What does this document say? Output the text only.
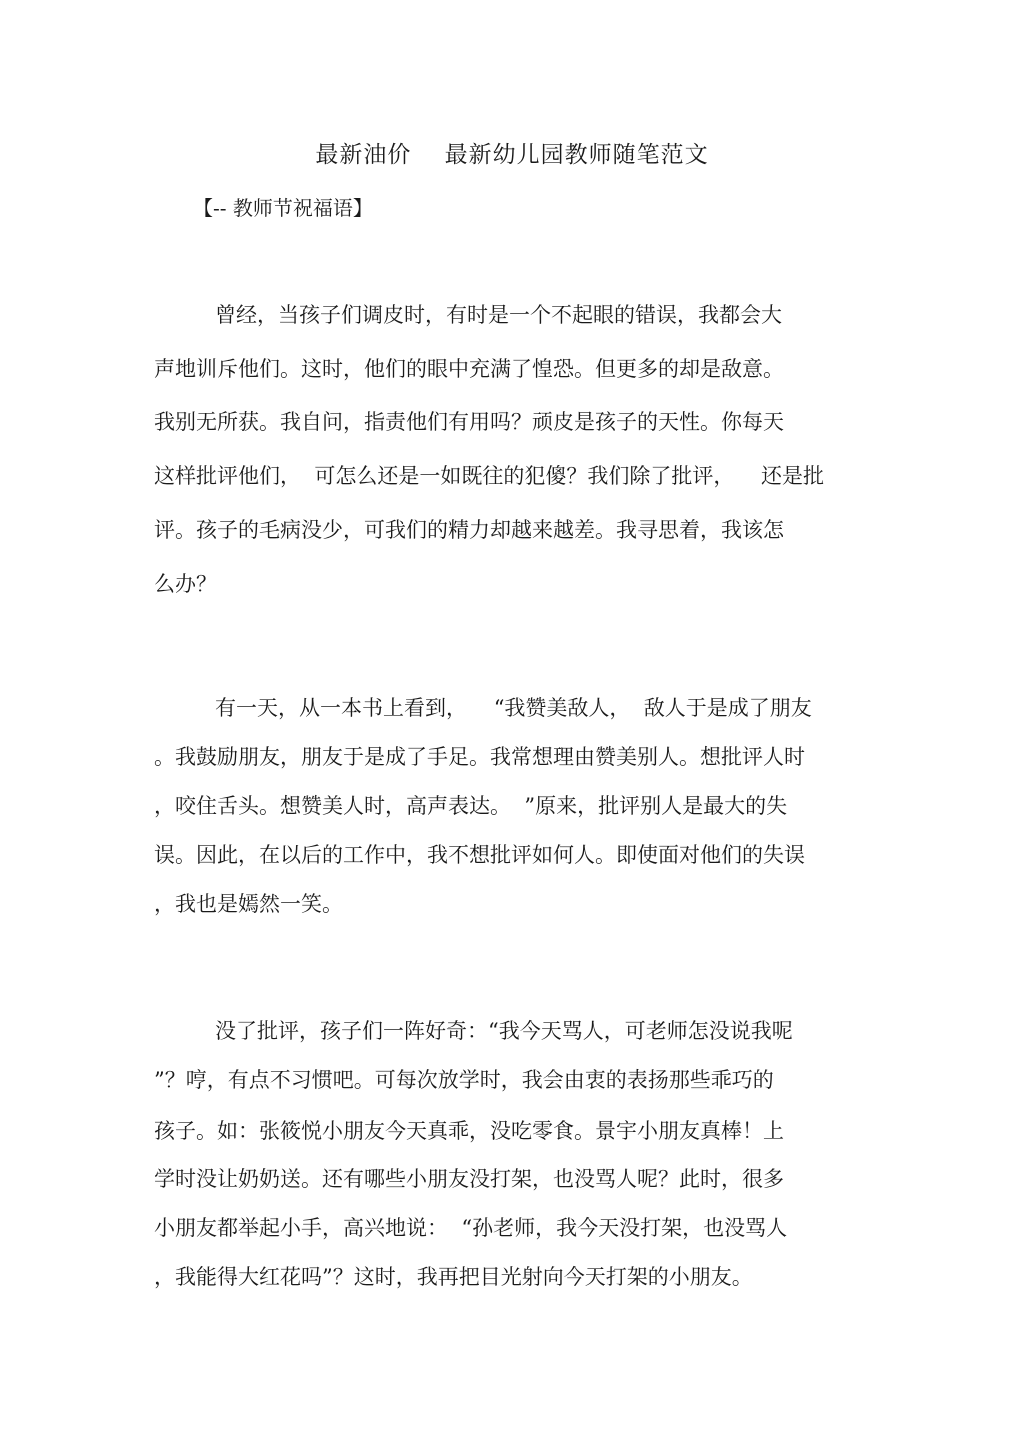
最新油价    最新幼儿园教师随笔范文
【-- 教师节祝福语】
曾经，当孩子们调皮时，有时是一个不起眼的错误，我都会大
声地训斥他们。这时，他们的眼中充满了惶恐。但更多的却是敌意。
我别无所获。我自问，指责他们有用吗？顽皮是孩子的天性。你每天
这样批评他们，  可怎么还是一如既往的犯傻？我们除了批评，    还是批
评。孩子的毛病没少，可我们的精力却越来越差。我寻思着，我该怎
么办？
有一天，从一本书上看到，    “我赞美敌人，  敌人于是成了朋友
。我鼓励朋友，朋友于是成了手足。我常想理由赞美别人。想批评人时
，咬住舌头。想赞美人时，高声表达。  ”原来，批评别人是最大的失
误。因此，在以后的工作中，我不想批评如何人。即使面对他们的失误
，我也是嫣然一笑。
没了批评，孩子们一阵好奇：“我今天骂人，可老师怎没说我呢
”？哼，有点不习惯吧。可每次放学时，我会由衷的表扬那些乖巧的
孩子。如：张筱悦小朋友今天真乖，没吃零食。景宇小朋友真棒！上
学时没让奶奶送。还有哪些小朋友没打架，也没骂人呢？此时，很多
小朋友都举起小手，高兴地说：  “孙老师，我今天没打架，也没骂人
，我能得大红花吗”？这时，我再把目光射向今天打架的小朋友。
